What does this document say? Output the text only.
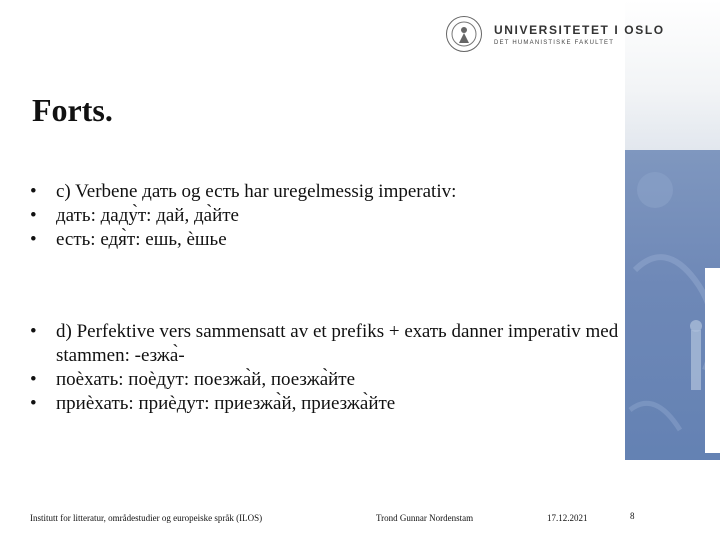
UNIVERSITETET I OSLO
DET HUMANISTISKE FAKULTET
Forts.
• c) Verbene дать og есть har uregelmessig imperativ:
• дать: даду̀т: дай, да̀йте
• есть: едя̀т: ешь, ѐшье
• d) Perfektive vers sammensatt av et prefiks + ехать danner imperativ med stammen: -езжа̀-
• поѐхать: поѐдут: поезжа̀й, поезжа̀йте
• приѐхать: приѐдут: приезжа̀й, приезжа̀йте
Institutt for litteratur, områdestudier og europeiske språk (ILOS)	Trond Gunnar Nordenstam	17.12.2021	8
